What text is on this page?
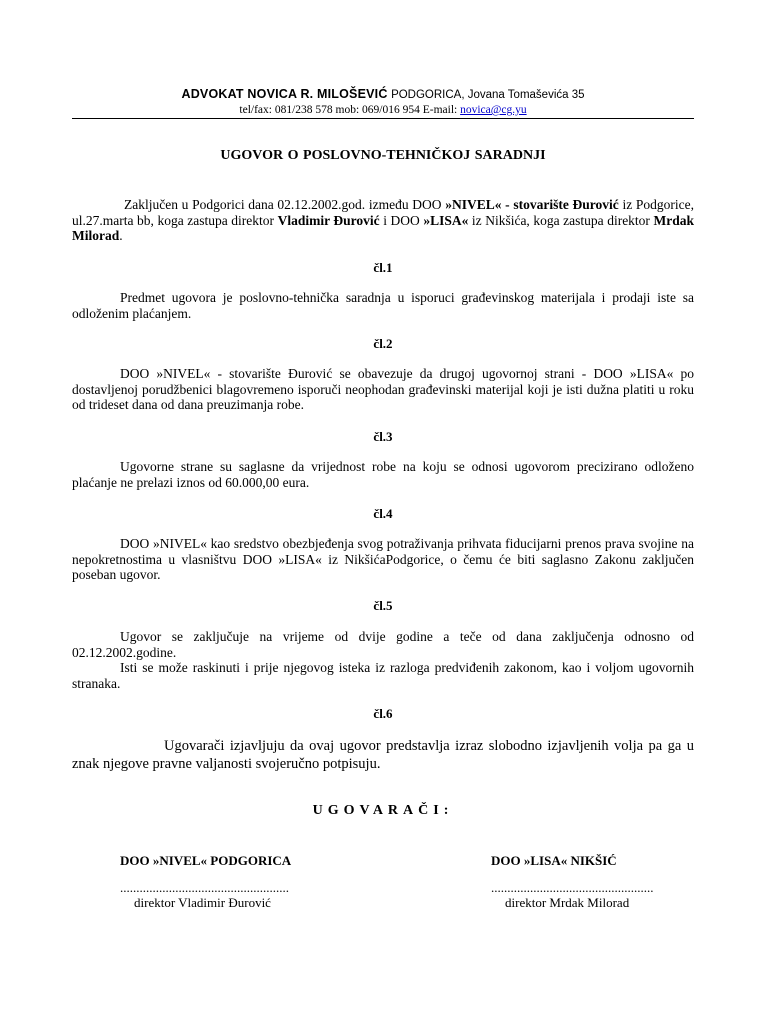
ADVOKAT NOVICA R. MILOŠEVIĆ PODGORICA, Jovana Tomaševića 35
tel/fax: 081/238 578 mob: 069/016 954 E-mail: novica@cg.yu
UGOVOR O POSLOVNO-TEHNIČKOJ SARADNJI
Zaključen u Podgorici dana 02.12.2002.god. između DOO »NIVEL« - stovarište Đurović iz Podgorice, ul.27.marta bb, koga zastupa direktor Vladimir Đurović i DOO »LISA« iz Nikšića, koga zastupa direktor Mrdak Milorad.
čl.1
Predmet ugovora je poslovno-tehnička saradnja u isporuci građevinskog materijala i prodaji iste sa odloženim plaćanjem.
čl.2
DOO »NIVEL« - stovarište Đurović se obavezuje da drugoj ugovornoj strani - DOO »LISA« po dostavljenoj porudžbenici blagovremeno isporuči neophodan građevinski materijal koji je isti dužna platiti u roku od trideset dana od dana preuzimanja robe.
čl.3
Ugovorne strane su saglasne da vrijednost robe na koju se odnosi ugovorom precizirano odloženo plaćanje ne prelazi iznos od 60.000,00 eura.
čl.4
DOO »NIVEL« kao sredstvo obezbjeđenja svog potraživanja prihvata fiducijarni prenos prava svojine na nepokretnostima u vlasništvu DOO »LISA« iz NikšićaPodgorice, o čemu će biti saglasno Zakonu zaključen poseban ugovor.
čl.5
Ugovor se zaključuje na vrijeme od dvije godine a teče od dana zaključenja odnosno od 02.12.2002.godine.
Isti se može raskinuti i prije njegovog isteka iz razloga predviđenih zakonom, kao i voljom ugovornih stranaka.
čl.6
Ugovarači izjavljuju da ovaj ugovor predstavlja izraz slobodno izjavljenih volja pa ga u znak njegove pravne valjanosti svojeručno potpisuju.
UGOVARAČI:
DOO »NIVEL« PODGORICA
....................................................
direktor Vladimir Đurović
DOO »LISA« NIKŠIĆ
..................................................
direktor Mrdak Milorad
